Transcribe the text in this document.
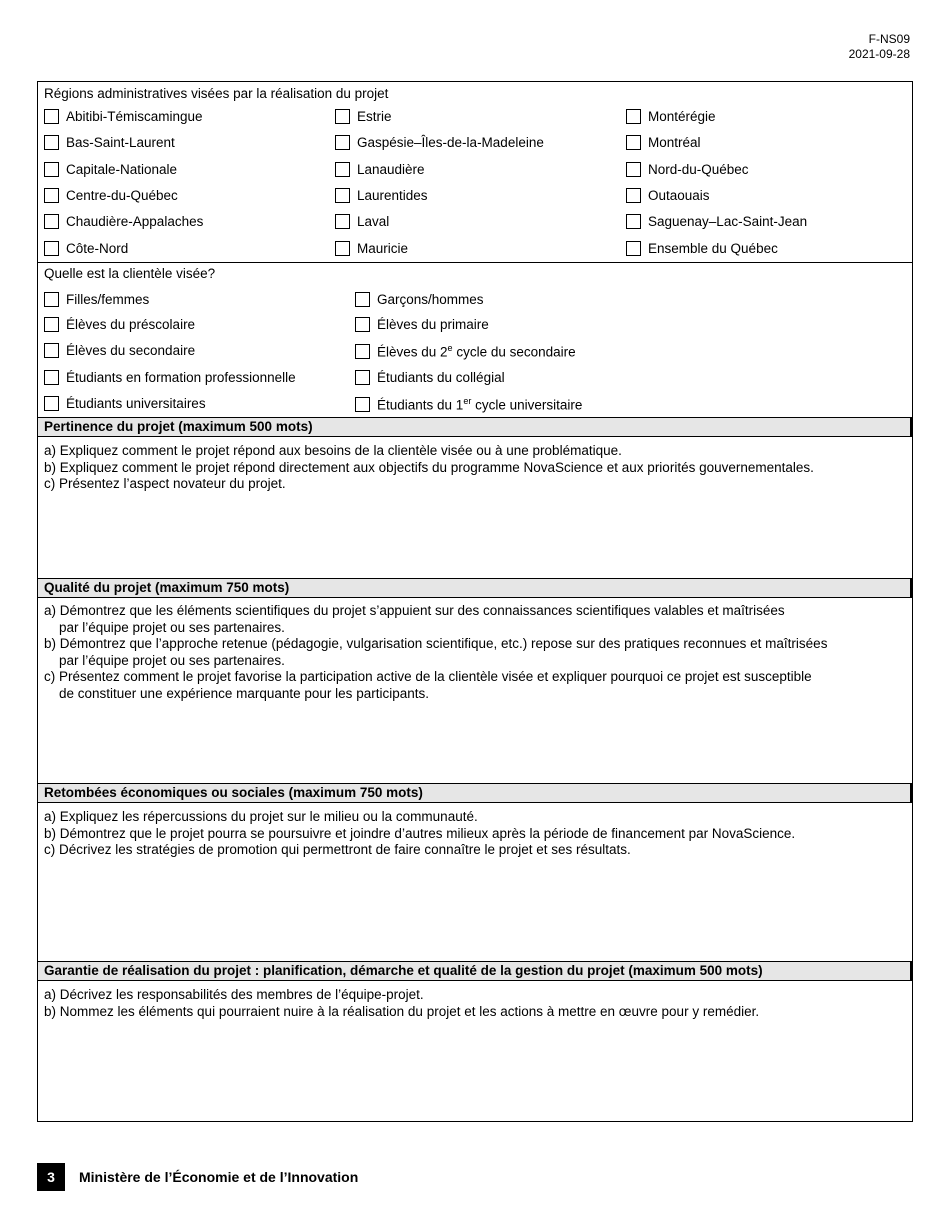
F-NS09
2021-09-28
Régions administratives visées par la réalisation du projet
Abitibi-Témiscamingue
Bas-Saint-Laurent
Capitale-Nationale
Centre-du-Québec
Chaudière-Appalaches
Côte-Nord
Estrie
Gaspésie–Îles-de-la-Madeleine
Lanaudière
Laurentides
Laval
Mauricie
Montérégie
Montréal
Nord-du-Québec
Outaouais
Saguenay–Lac-Saint-Jean
Ensemble du Québec
Quelle est la clientèle visée?
Filles/femmes
Élèves du préscolaire
Élèves du secondaire
Étudiants en formation professionnelle
Étudiants universitaires
Garçons/hommes
Élèves du primaire
Élèves du 2e cycle du secondaire
Étudiants du collégial
Étudiants du 1er cycle universitaire
Pertinence du projet (maximum 500 mots)
a) Expliquez comment le projet répond aux besoins de la clientèle visée ou à une problématique.
b) Expliquez comment le projet répond directement aux objectifs du programme NovaScience et aux priorités gouvernementales.
c) Présentez l’aspect novateur du projet.
Qualité du projet (maximum 750 mots)
a) Démontrez que les éléments scientifiques du projet s’appuient sur des connaissances scientifiques valables et maîtrisées
par l’équipe projet ou ses partenaires.
b) Démontrez que l’approche retenue (pédagogie, vulgarisation scientifique, etc.) repose sur des pratiques reconnues et maîtrisées
par l’équipe projet ou ses partenaires.
c) Présentez comment le projet favorise la participation active de la clientèle visée et expliquer pourquoi ce projet est susceptible
de constituer une expérience marquante pour les participants.
Retombées économiques ou sociales (maximum 750 mots)
a) Expliquez les répercussions du projet sur le milieu ou la communauté.
b) Démontrez que le projet pourra se poursuivre et joindre d’autres milieux après la période de financement par NovaScience.
c) Décrivez les stratégies de promotion qui permettront de faire connaître le projet et ses résultats.
Garantie de réalisation du projet : planification, démarche et qualité de la gestion du projet (maximum 500 mots)
a) Décrivez les responsabilités des membres de l’équipe-projet.
b) Nommez les éléments qui pourraient nuire à la réalisation du projet et les actions à mettre en œuvre pour y remédier.
3	Ministère de l’Économie et de l’Innovation
